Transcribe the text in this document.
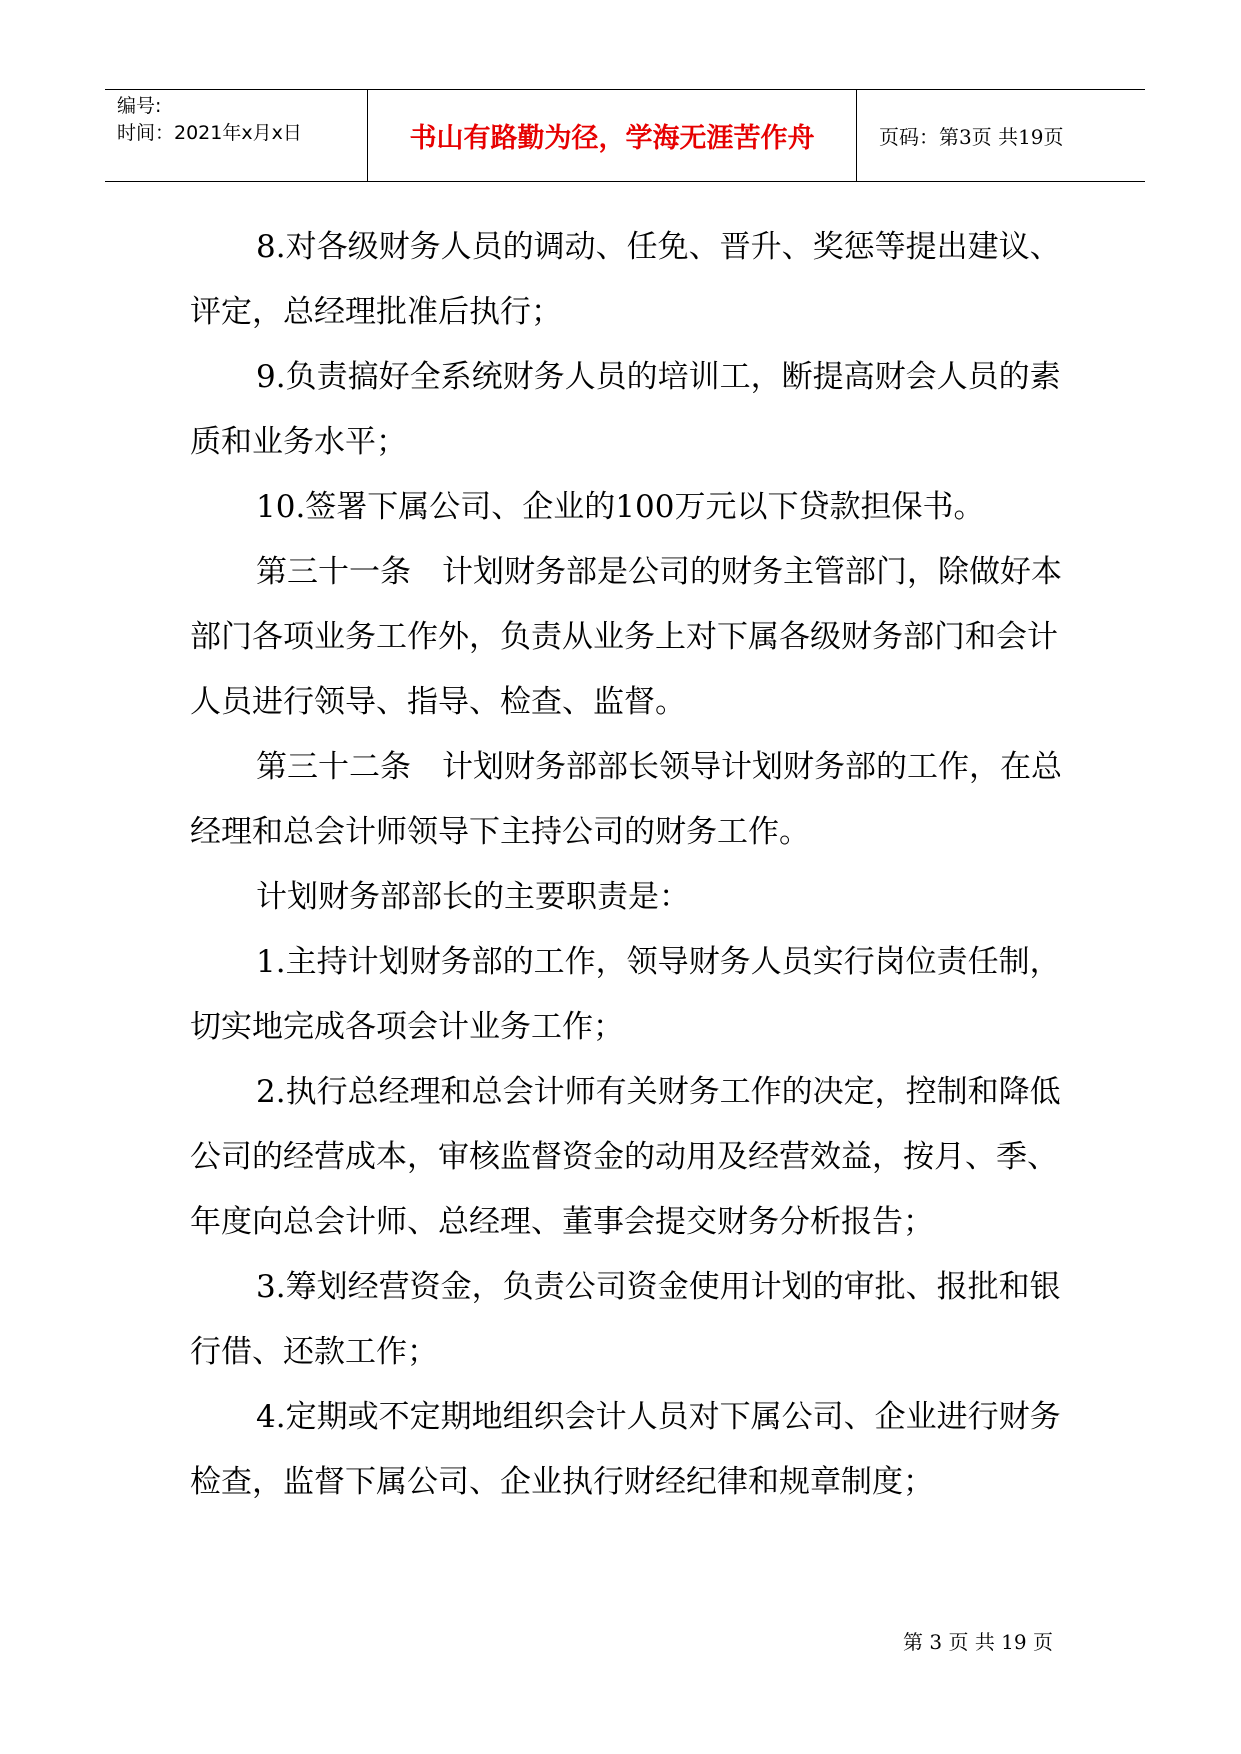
编号:
时间：2021年x月x日	书山有路勤为径，学海无涯苦作舟	页码：第3页 共19页

8.对各级财务人员的调动、任免、晋升、奖惩等提出建议、评定，总经理批准后执行；

9.负责搞好全系统财务人员的培训工，断提高财会人员的素质和业务水平；

10.签署下属公司、企业的100万元以下贷款担保书。

第三十一条　计划财务部是公司的财务主管部门，除做好本部门各项业务工作外，负责从业务上对下属各级财务部门和会计人员进行领导、指导、检查、监督。

第三十二条　计划财务部部长领导计划财务部的工作，在总经理和总会计师领导下主持公司的财务工作。

计划财务部部长的主要职责是：

1.主持计划财务部的工作，领导财务人员实行岗位责任制，切实地完成各项会计业务工作；

2.执行总经理和总会计师有关财务工作的决定，控制和降低公司的经营成本，审核监督资金的动用及经营效益，按月、季、年度向总会计师、总经理、董事会提交财务分析报告；

3.筹划经营资金，负责公司资金使用计划的审批、报批和银行借、还款工作；

4.定期或不定期地组织会计人员对下属公司、企业进行财务检查，监督下属公司、企业执行财经纪律和规章制度；

第 3 页 共 19 页
